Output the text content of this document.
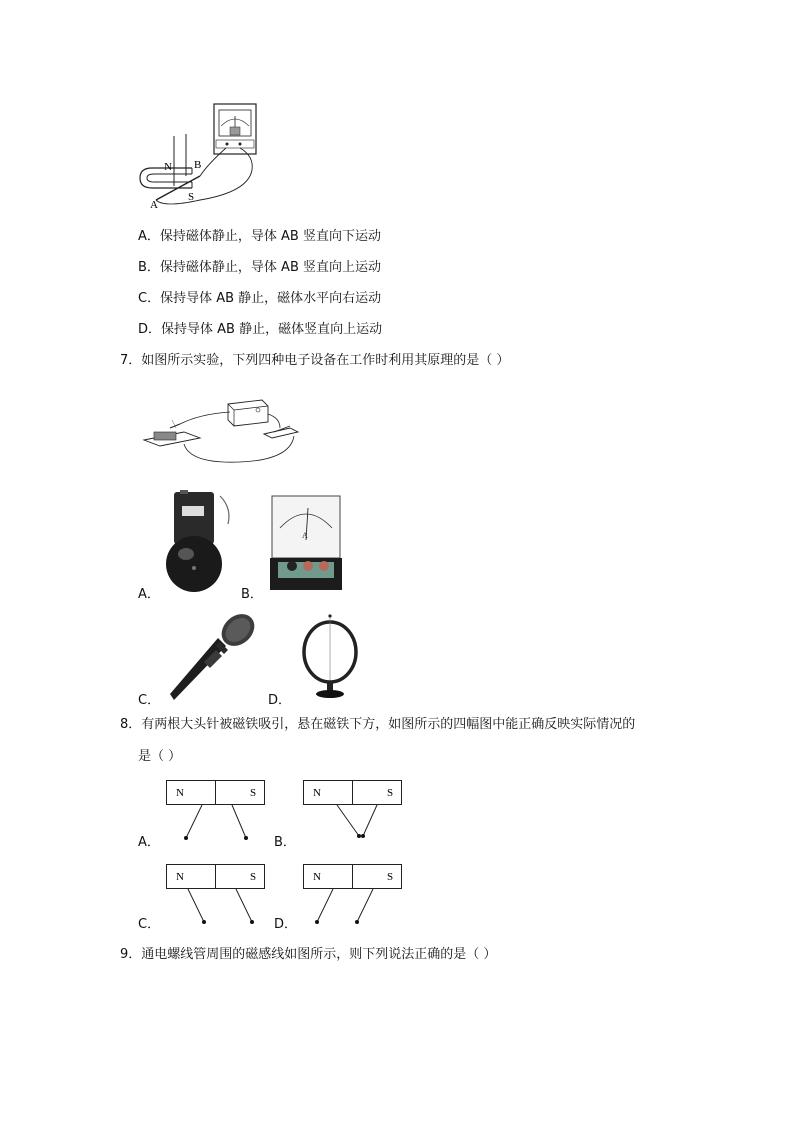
N B
S
A
A．保持磁体静止，导体 AB 竖直向下运动
B．保持磁体静止，导体 AB 竖直向上运动
C．保持导体 AB 静止，磁体水平向右运动
D．保持导体 AB 静止，磁体竖直向上运动
7．如图所示实验，下列四种电子设备在工作时利用其原理的是（ ）
A．
A
B．
C．	D．
8．有两根大头针被磁铁吸引，悬在磁铁下方，如图所示的四幅图中能正确反映实际情况的
是（ ）
N	S
A．
N	S
B．
N	S
C．
N	S
D．
9．通电螺线管周围的磁感线如图所示，则下列说法正确的是（ ）
